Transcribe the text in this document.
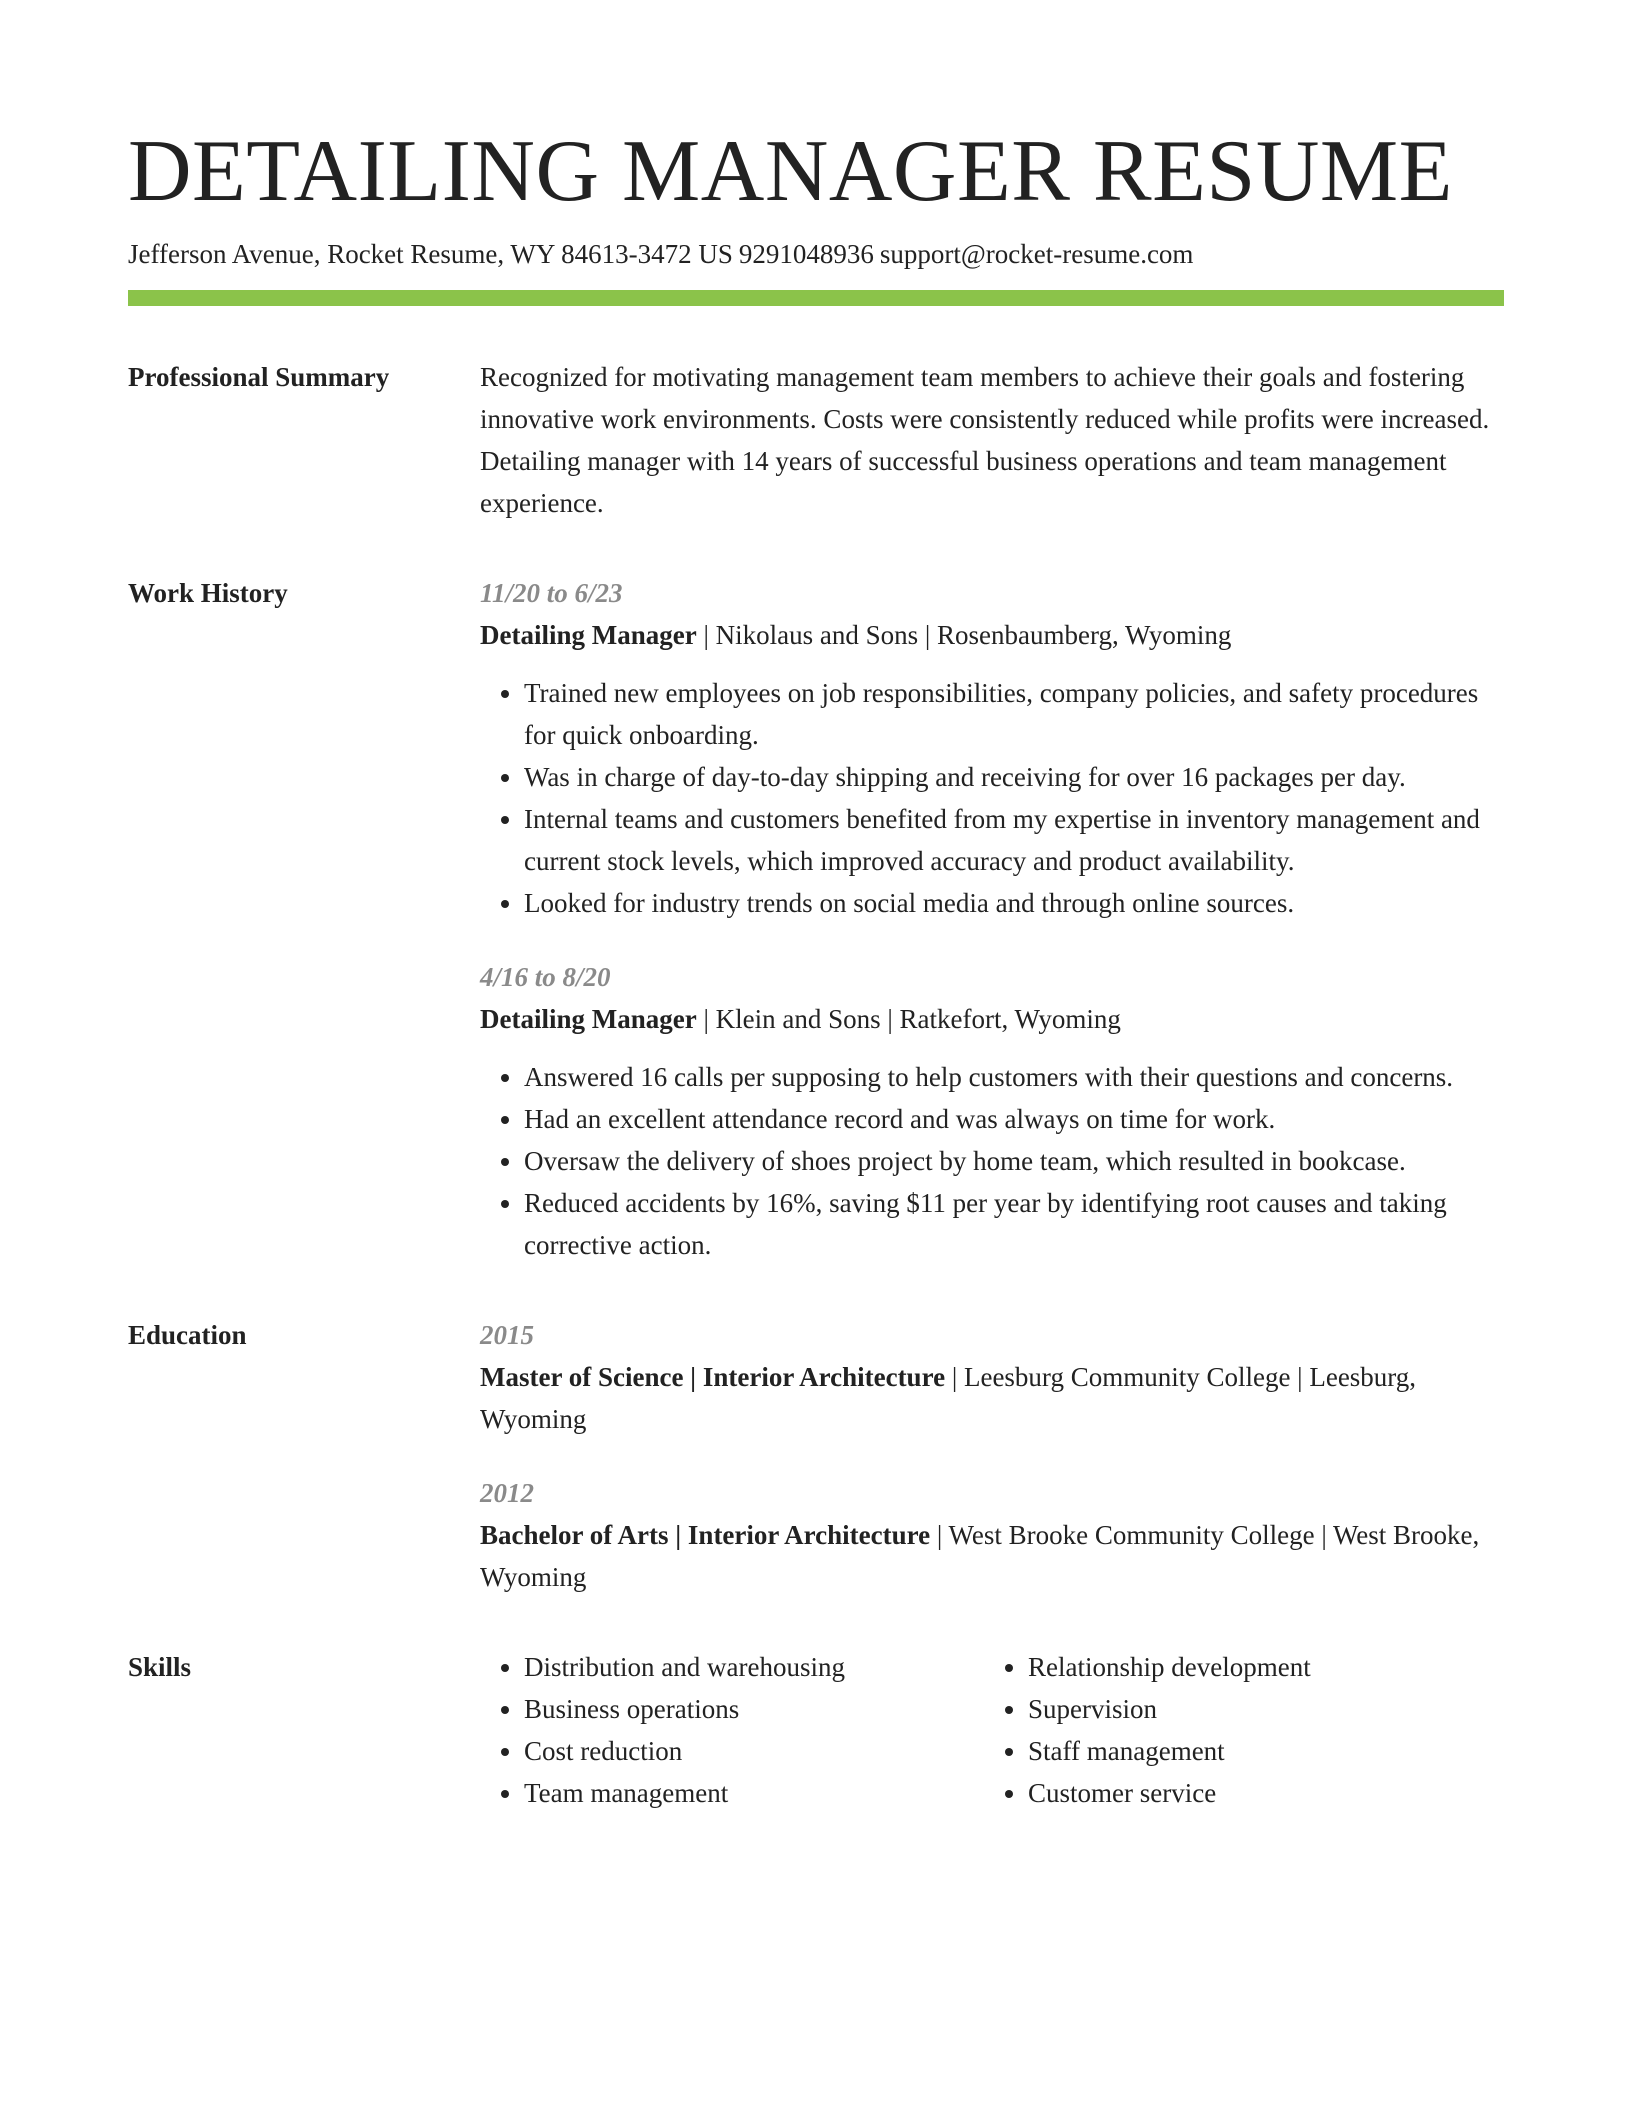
DETAILING MANAGER RESUME
Jefferson Avenue, Rocket Resume, WY 84613-3472 US 9291048936 support@rocket-resume.com
Professional Summary	Recognized for motivating management team members to achieve their goals and fostering innovative work environments. Costs were consistently reduced while profits were increased. Detailing manager with 14 years of successful business operations and team management experience.

Work History	11/20 to 6/23
Detailing Manager | Nikolaus and Sons | Rosenbaumberg, Wyoming
• Trained new employees on job responsibilities, company policies, and safety procedures for quick onboarding.
• Was in charge of day-to-day shipping and receiving for over 16 packages per day.
• Internal teams and customers benefited from my expertise in inventory management and current stock levels, which improved accuracy and product availability.
• Looked for industry trends on social media and through online sources.
4/16 to 8/20
Detailing Manager | Klein and Sons | Ratkefort, Wyoming
• Answered 16 calls per supposing to help customers with their questions and concerns.
• Had an excellent attendance record and was always on time for work.
• Oversaw the delivery of shoes project by home team, which resulted in bookcase.
• Reduced accidents by 16%, saving $11 per year by identifying root causes and taking corrective action.
Education	2015
Master of Science | Interior Architecture | Leesburg Community College | Leesburg, Wyoming
2012
Bachelor of Arts | Interior Architecture | West Brooke Community College | West Brooke, Wyoming
Skills
•	Distribution and warehousing
• Business operations
• Cost reduction
• Team management
• Relationship development
• Supervision
• Staff management
• Customer service
